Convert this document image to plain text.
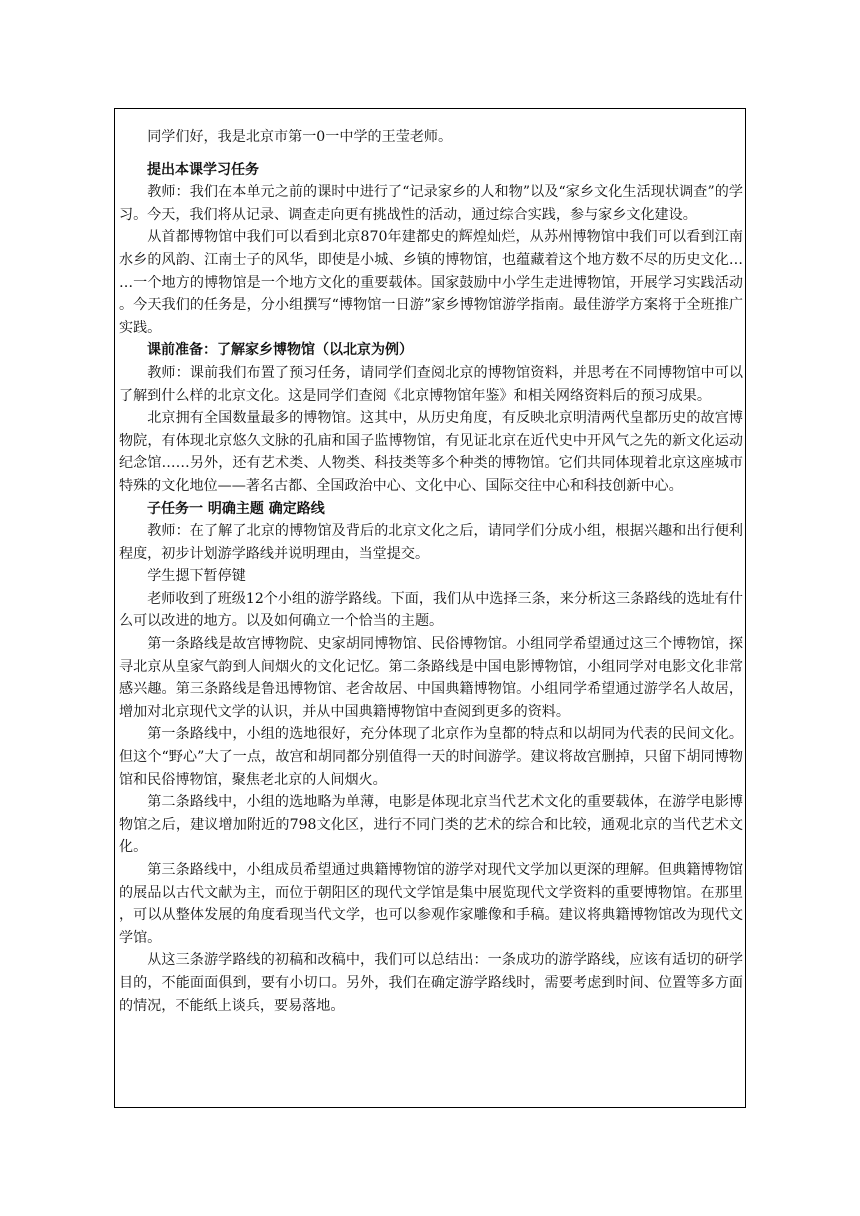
同学们好，我是北京市第一0一中学的王莹老师。

提出本课学习任务

教师：我们在本单元之前的课时中进行了“记录家乡的人和物”以及“家乡文化生活现状调查”的学习。今天，我们将从记录、调查走向更有挑战性的活动，通过综合实践，参与家乡文化建设。

从首都博物馆中我们可以看到北京870年建都史的辉煌灿烂，从苏州博物馆中我们可以看到江南水乡的风韵、江南士子的风华，即使是小城、乡镇的博物馆，也蕴藏着这个地方数不尽的历史文化……一个地方的博物馆是一个地方文化的重要载体。国家鼓励中小学生走进博物馆，开展学习实践活动。今天我们的任务是，分小组撰写“博物馆一日游”家乡博物馆游学指南。最佳游学方案将于全班推广实践。

课前准备：了解家乡博物馆（以北京为例）

教师：课前我们布置了预习任务，请同学们查阅北京的博物馆资料，并思考在不同博物馆中可以了解到什么样的北京文化。这是同学们查阅《北京博物馆年鉴》和相关网络资料后的预习成果。

北京拥有全国数量最多的博物馆。这其中，从历史角度，有反映北京明清两代皇都历史的故宫博物院，有体现北京悠久文脉的孔庙和国子监博物馆，有见证北京在近代史中开风气之先的新文化运动纪念馆……另外，还有艺术类、人物类、科技类等多个种类的博物馆。它们共同体现着北京这座城市特殊的文化地位——著名古都、全国政治中心、文化中心、国际交往中心和科技创新中心。

子任务一 明确主题 确定路线

教师：在了解了北京的博物馆及背后的北京文化之后，请同学们分成小组，根据兴趣和出行便利程度，初步计划游学路线并说明理由，当堂提交。

学生摁下暂停键

老师收到了班级12个小组的游学路线。下面，我们从中选择三条，来分析这三条路线的选址有什么可以改进的地方。以及如何确立一个恰当的主题。

第一条路线是故宫博物院、史家胡同博物馆、民俗博物馆。小组同学希望通过这三个博物馆，探寻北京从皇家气韵到人间烟火的文化记忆。第二条路线是中国电影博物馆，小组同学对电影文化非常感兴趣。第三条路线是鲁迅博物馆、老舍故居、中国典籍博物馆。小组同学希望通过游学名人故居，增加对北京现代文学的认识，并从中国典籍博物馆中查阅到更多的资料。

第一条路线中，小组的选地很好，充分体现了北京作为皇都的特点和以胡同为代表的民间文化。但这个“野心”大了一点，故宫和胡同都分别值得一天的时间游学。建议将故宫删掉，只留下胡同博物馆和民俗博物馆，聚焦老北京的人间烟火。

第二条路线中，小组的选地略为单薄，电影是体现北京当代艺术文化的重要载体，在游学电影博物馆之后，建议增加附近的798文化区，进行不同门类的艺术的综合和比较，通观北京的当代艺术文化。

第三条路线中，小组成员希望通过典籍博物馆的游学对现代文学加以更深的理解。但典籍博物馆的展品以古代文献为主，而位于朝阳区的现代文学馆是集中展览现代文学资料的重要博物馆。在那里，可以从整体发展的角度看现当代文学，也可以参观作家雕像和手稿。建议将典籍博物馆改为现代文学馆。

从这三条游学路线的初稿和改稿中，我们可以总结出：一条成功的游学路线，应该有适切的研学目的，不能面面俱到，要有小切口。另外，我们在确定游学路线时，需要考虑到时间、位置等多方面的情况，不能纸上谈兵，要易落地。
